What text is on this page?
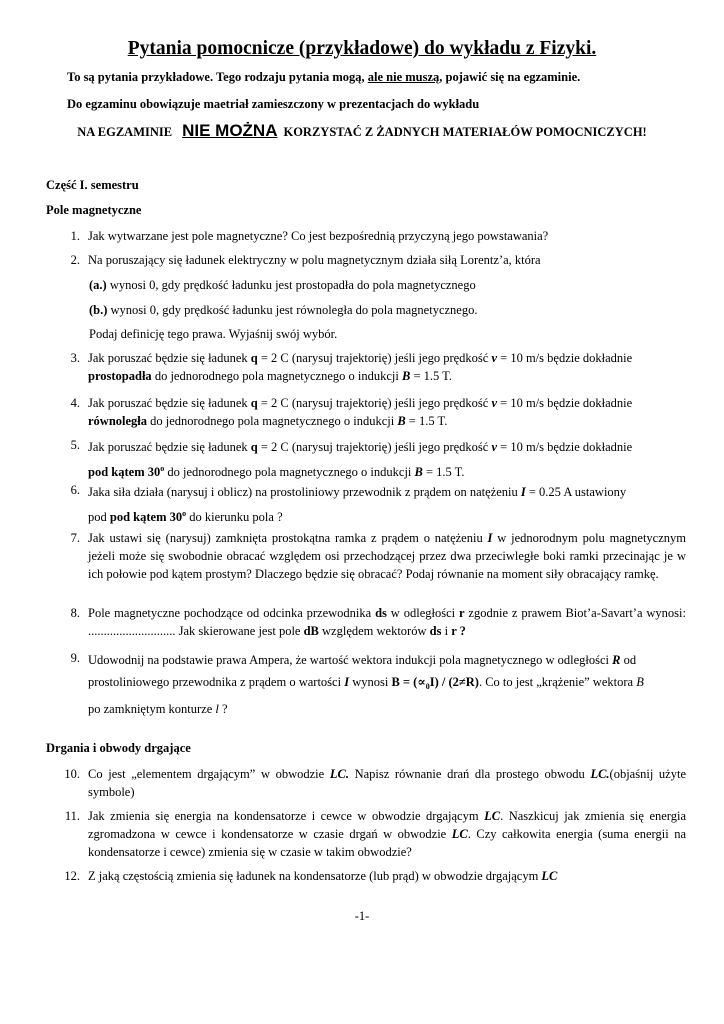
Pytania pomocnicze (przykładowe) do wykładu z Fizyki.
To są pytania przykładowe. Tego rodzaju pytania mogą, ale nie muszą, pojawić się na egzaminie.
Do egzaminu obowiązuje maetriał zamieszczony w prezentacjach do wykładu
NA EGZAMINIE NIE MOŻNA KORZYSTAĆ Z ŻADNYCH MATERIAŁÓW POMOCNICZYCH!
Część I. semestru
Pole magnetyczne
1. Jak wytwarzane jest pole magnetyczne? Co jest bezpośrednią przyczyną jego powstawania?
2. Na poruszający się ładunek elektryczny w polu magnetycznym działa siłą Lorentz’a, która
(a.) wynosi 0, gdy prędkość ładunku jest prostopadła do pola magnetycznego
(b.) wynosi 0, gdy prędkość ładunku jest równoległa do pola magnetycznego.
Podaj definicję tego prawa. Wyjaśnij swój wybór.
3. Jak poruszać będzie się ładunek q = 2 C (narysuj trajektorię) jeśli jego prędkość v = 10 m/s będzie dokładnie
prostopadła do jednorodnego pola magnetycznego o indukcji B = 1.5 T.
4. Jak poruszać będzie się ładunek q = 2 C (narysuj trajektorię) jeśli jego prędkość v = 10 m/s będzie dokładnie
równoległa do jednorodnego pola magnetycznego o indukcji B = 1.5 T.
5. Jak poruszać będzie się ładunek q = 2 C (narysuj trajektorię) jeśli jego prędkość v = 10 m/s będzie dokładnie
pod kątem 30$^o$ do jednorodnego pola magnetycznego o indukcji B = 1.5 T.
6. Jaka siła działa (narysuj i oblicz) na prostoliniowy przewodnik z prądem on natężeniu I = 0.25 A ustawiony
pod pod kątem 30$^o$ do kierunku pola ?
7. Jak ustawi się (narysuj) zamknięta prostokątna ramka z prądem o natężeniu I w jednorodnym polu magnetycznym jeżeli może się swobodnie obracać względem osi przechodzącej przez dwa przeciwległe boki ramki przecinając je w ich połowie pod kątem prostym? Dlaczego będzie się obracać? Podaj równanie na moment siły obracający ramkę.
8. Pole magnetyczne pochodzące od odcinka przewodnika ds w odległości r zgodnie z prawem Biot’a-Savart’a wynosi: ............................ Jak skierowane jest pole dB względem wektorów ds i r ?
9. Udowodnij na podstawie prawa Ampera, że wartość wektora indukcji pola magnetycznego w odległości R od
prostoliniowego przewodnika z prądem o wartości I wynosi $B = (\propto_0I) / (2\ne R)$. Co to jest „krążenie” wektora B
po zamkniętym konturze l ?
Drgania i obwody drgające
10. Co jest „elementem drgającym” w obwodzie LC. Napisz równanie drań dla prostego obwodu LC.(objaśnij użyte symbole)
11. Jak zmienia się energia na kondensatorze i cewce w obwodzie drgającym LC. Naszkicuj jak zmienia się energia zgromadzona w cewce i kondensatorze w czasie drgań w obwodzie LC. Czy całkowita energia (suma energii na kondensatorze i cewce) zmienia się w czasie w takim obwodzie?
12. Z jaką częstością zmienia się ładunek na kondensatorze (lub prąd) w obwodzie drgającym LC
-1-
